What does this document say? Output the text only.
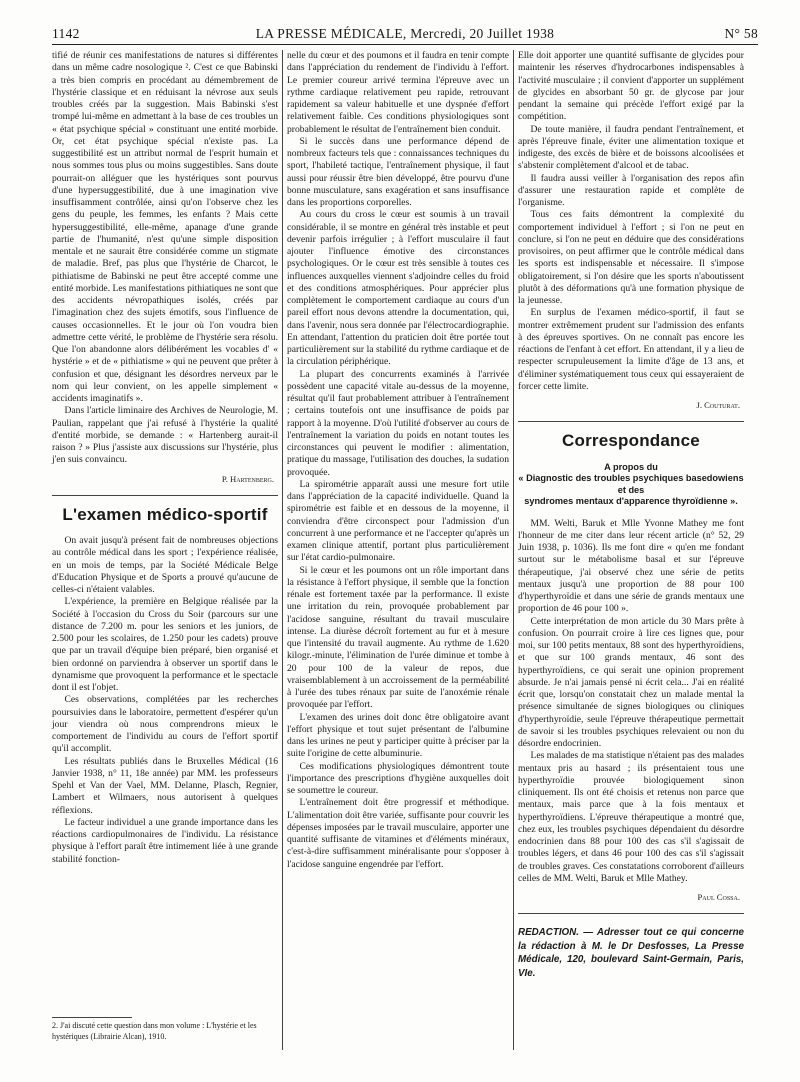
1142	LA PRESSE MÉDICALE, Mercredi, 20 Juillet 1938	N° 58

tifié de réunir ces manifestations de natures si différentes dans un même cadre nosologique ². C'est ce que Babinski a très bien compris en procédant au démembrement de l'hystérie classique et en réduisant la névrose aux seuls troubles créés par la suggestion. Mais Babinski s'est trompé lui-même en admettant à la base de ces troubles un « état psychique spécial » constituant une entité morbide. Or, cet état psychique spécial n'existe pas. La suggestibilité est un attribut normal de l'esprit humain et nous sommes tous plus ou moins suggestibles. Sans doute pourrait-on alléguer que les hystériques sont pourvus d'une hypersuggestibilité, due à une imagination vive insuffisamment contrôlée, ainsi qu'on l'observe chez les gens du peuple, les femmes, les enfants ? Mais cette hypersuggestibilité, elle-même, apanage d'une grande partie de l'humanité, n'est qu'une simple disposition mentale et ne saurait être considérée comme un stigmate de maladie. Bref, pas plus que l'hystérie de Charcot, le pithiatisme de Babinski ne peut être accepté comme une entité morbide. Les manifestations pithiatiques ne sont que des accidents névropathiques isolés, créés par l'imagination chez des sujets émotifs, sous l'influence de causes occasionnelles. Et le jour où l'on voudra bien admettre cette vérité, le problème de l'hystérie sera résolu. Que l'on abandonne alors délibérément les vocables d' « hystérie » et de « pithiatisme » qui ne peuvent que prêter à confusion et que, désignant les désordres nerveux par le nom qui leur convient, on les appelle simplement « accidents imaginatifs ».

Dans l'article liminaire des Archives de Neurologie, M. Paulian, rappelant que j'ai refusé à l'hystérie la qualité d'entité morbide, se demande : « Hartenberg aurait-il raison ? » Plus j'assiste aux discussions sur l'hystérie, plus j'en suis convaincu.

P. Hartenberg.

L'examen médico-sportif

On avait jusqu'à présent fait de nombreuses objections au contrôle médical dans les sport ; l'expérience réalisée, en un mois de temps, par la Société Médicale Belge d'Education Physique et de Sports a prouvé qu'aucune de celles-ci n'étaient valables.

L'expérience, la première en Belgique réalisée par la Société à l'occasion du Cross du Soir (parcours sur une distance de 7.200 m. pour les seniors et les juniors, de 2.500 pour les scolaires, de 1.250 pour les cadets) prouve que par un travail d'équipe bien préparé, bien organisé et bien ordonné on parviendra à observer un sportif dans le dynamisme que provoquent la performance et le spectacle dont il est l'objet.

Ces observations, complétées par les recherches poursuivies dans le laboratoire, permettent d'espérer qu'un jour viendra où nous comprendrons mieux le comportement de l'individu au cours de l'effort sportif qu'il accomplit.

Les résultats publiés dans le Bruxelles Médical (16 Janvier 1938, n° 11, 18e année) par MM. les professeurs Spehl et Van der Vael, MM. Delanne, Plasch, Regnier, Lambert et Wilmaers, nous autorisent à quelques réflexions.

Le facteur individuel a une grande importance dans les réactions cardiopulmonaires de l'individu. La résistance physique à l'effort paraît être intimement liée à une grande stabilité fonction-

2. J'ai discuté cette question dans mon volume : L'hystérie et les hystériques (Librairie Alcan), 1910.

nelle du cœur et des poumons et il faudra en tenir compte dans l'appréciation du rendement de l'individu à l'effort. Le premier coureur arrivé termina l'épreuve avec un rythme cardiaque relativement peu rapide, retrouvant rapidement sa valeur habituelle et une dyspnée d'effort relativement faible. Ces conditions physiologiques sont probablement le résultat de l'entraînement bien conduit.

Si le succès dans une performance dépend de nombreux facteurs tels que : connaissances techniques du sport, l'habileté tactique, l'entraînement physique, il faut aussi pour réussir être bien développé, être pourvu d'une bonne musculature, sans exagération et sans insuffisance dans les proportions corporelles.

Au cours du cross le cœur est soumis à un travail considérable, il se montre en général très instable et peut devenir parfois irrégulier ; à l'effort musculaire il faut ajouter l'influence émotive des circonstances psychologiques. Or le cœur est très sensible à toutes ces influences auxquelles viennent s'adjoindre celles du froid et des conditions atmosphériques. Pour apprécier plus complètement le comportement cardiaque au cours d'un pareil effort nous devons attendre la documentation, qui, dans l'avenir, nous sera donnée par l'électrocardiographie. En attendant, l'attention du praticien doit être portée tout particulièrement sur la stabilité du rythme cardiaque et de la circulation périphérique.

La plupart des concurrents examinés à l'arrivée possèdent une capacité vitale au-dessus de la moyenne, résultat qu'il faut probablement attribuer à l'entraînement ; certains toutefois ont une insuffisance de poids par rapport à la moyenne. D'où l'utilité d'observer au cours de l'entraînement la variation du poids en notant toutes les circonstances qui peuvent le modifier : alimentation, pratique du massage, l'utilisation des douches, la sudation provoquée.

La spirométrie apparaît aussi une mesure fort utile dans l'appréciation de la capacité individuelle. Quand la spirométrie est faible et en dessous de la moyenne, il conviendra d'être circonspect pour l'admission d'un concurrent à une performance et ne l'accepter qu'après un examen clinique attentif, portant plus particulièrement sur l'état cardio-pulmonaire.

Si le cœur et les poumons ont un rôle important dans la résistance à l'effort physique, il semble que la fonction rénale est fortement taxée par la performance. Il existe une irritation du rein, provoquée probablement par l'acidose sanguine, résultant du travail musculaire intense. La diurèse décroît fortement au fur et à mesure que l'intensité du travail augmente. Au rythme de 1.620 kilogr.-minute, l'élimination de l'urée diminue et tombe à 20 pour 100 de la valeur de repos, due vraisemblablement à un accroissement de la perméabilité à l'urée des tubes rénaux par suite de l'anoxémie rénale provoquée par l'effort.

L'examen des urines doit donc être obligatoire avant l'effort physique et tout sujet présentant de l'albumine dans les urines ne peut y participer quitte à préciser par la suite l'origine de cette albuminurie.

Ces modifications physiologiques démontrent toute l'importance des prescriptions d'hygiène auxquelles doit se soumettre le coureur.

L'entraînement doit être progressif et méthodique. L'alimentation doit être variée, suffisante pour couvrir les dépenses imposées par le travail musculaire, apporter une quantité suffisante de vitamines et d'éléments minéraux, c'est-à-dire suffisamment minéralisante pour s'opposer à l'acidose sanguine engendrée par l'effort.

Elle doit apporter une quantité suffisante de glycides pour maintenir les réserves d'hydrocarbones indispensables à l'activité musculaire ; il convient d'apporter un supplément de glycides en absorbant 50 gr. de glycose par jour pendant la semaine qui précède l'effort exigé par la compétition.

De toute manière, il faudra pendant l'entraînement, et après l'épreuve finale, éviter une alimentation toxique et indigeste, des excès de bière et de boissons alcoolisées et s'abstenir complètement d'alcool et de tabac.

Il faudra aussi veiller à l'organisation des repos afin d'assurer une restauration rapide et complète de l'organisme.

Tous ces faits démontrent la complexité du comportement individuel à l'effort ; si l'on ne peut en conclure, si l'on ne peut en déduire que des considérations provisoires, on peut affirmer que le contrôle médical dans les sports est indispensable et nécessaire. Il s'impose obligatoirement, si l'on désire que les sports n'aboutissent plutôt à des déformations qu'à une formation physique de la jeunesse.

En surplus de l'examen médico-sportif, il faut se montrer extrêmement prudent sur l'admission des enfants à des épreuves sportives. On ne connaît pas encore les réactions de l'enfant à cet effort. En attendant, il y a lieu de respecter scrupuleusement la limite d'âge de 13 ans, et d'éliminer systématiquement tous ceux qui essayeraient de forcer cette limite.

J. Couturat.

Correspondance
A propos du
« Diagnostic des troubles psychiques basedowiens et des
syndromes mentaux d'apparence thyroïdienne ».

MM. Welti, Baruk et Mlle Yvonne Mathey me font l'honneur de me citer dans leur récent article (n° 52, 29 Juin 1938, p. 1036). Ils me font dire « qu'en me fondant surtout sur le métabolisme basal et sur l'épreuve thérapeutique, j'ai observé chez une série de petits mentaux jusqu'à une proportion de 88 pour 100 d'hyperthyroïdie et dans une série de grands mentaux une proportion de 46 pour 100 ».

Cette interprétation de mon article du 30 Mars prête à confusion. On pourrait croire à lire ces lignes que, pour moi, sur 100 petits mentaux, 88 sont des hyperthyroïdiens, et que sur 100 grands mentaux, 46 sont des hyperthyroïdiens, ce qui serait une opinion proprement absurde. Je n'ai jamais pensé ni écrit cela... J'ai en réalité écrit que, lorsqu'on constatait chez un malade mental la présence simultanée de signes biologiques ou cliniques d'hyperthyroïdie, seule l'épreuve thérapeutique permettait de savoir si les troubles psychiques relevaient ou non du désordre endocrinien.

Les malades de ma statistique n'étaient pas des malades mentaux pris au hasard ; ils présentaient tous une hyperthyroïdie prouvée biologiquement sinon cliniquement. Ils ont été choisis et retenus non parce que mentaux, mais parce que à la fois mentaux et hyperthyroïdiens. L'épreuve thérapeutique a montré que, chez eux, les troubles psychiques dépendaient du désordre endocrinien dans 88 pour 100 des cas s'il s'agissait de troubles légers, et dans 46 pour 100 des cas s'il s'agissait de troubles graves. Ces constatations corroborent d'ailleurs celles de MM. Welti, Baruk et Mlle Mathey.

Paul Cossa.

REDACTION. — Adresser tout ce qui concerne la rédaction à M. le Dr Desfosses, La Presse Médicale, 120, boulevard Saint-Germain, Paris, VIe.
